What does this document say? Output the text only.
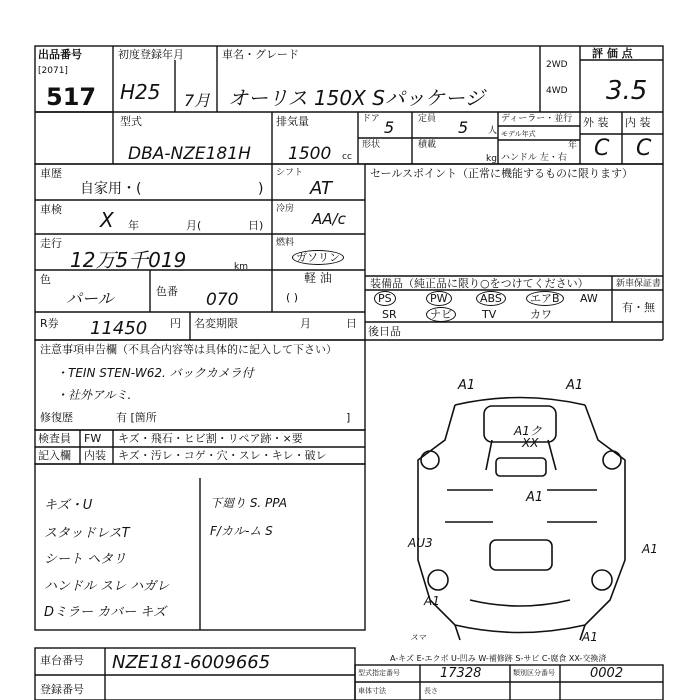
出品番号
[2071]
517
初度登録年月
H25 7月
車名・グレード
オーリス 150X Sパッケージ
2WD
4WD
評 価 点
3.5
型式
DBA-NZE181H
排気量
1500 cc
ドア 5	定員 5 人
形状	積載
kg
ディーラー・並行
モデル年式
年
ハンドル 左・右
外 装 内 装
C C
車歴
自家用・(	)
シフト
AT
セールスポイント（正常に機能するものに限ります）
車検 X 年	月(	日)
冷房
AA/c
走行
12万5千019	km
燃料
ガソリン
軽 油
( )
色
パール	色番 070
R券 11450 円 名変期限	月	日
装備品（純正品に限り○をつけてください）	新車保証書
PS	PW	ABS	エアB	AW
SR	ナビ	TV	カワ
有・無
後日品
注意事項申告欄（不具合内容等は具体的に記入して下さい）
・TEIN STEN-W62. バックカメラ付
・社外アルミ.
修復歴	有 [箇所	]
検査員 FW キズ・飛石・ヒビ割・リペア跡・×要
記入欄 内装 キズ・汚レ・コゲ・穴・スレ・キレ・破レ
キズ・U
スタッドレスT
シート ヘタリ
ハンドル スレ ハガレ
Dミラー カバー キズ
下廻り S. PPA
F/カル-ム S
A1	A1
A1ク
XX
A1
AU3	A1
A1
A1
スマ
車台番号 NZE181-6009665
登録番号
A-キズ E-エクボ U-凹み W-補修跡 S-サビ C-腐食 XX-交換済
型式指定番号	17328	類別区分番号	0002
車体寸法	長さ
